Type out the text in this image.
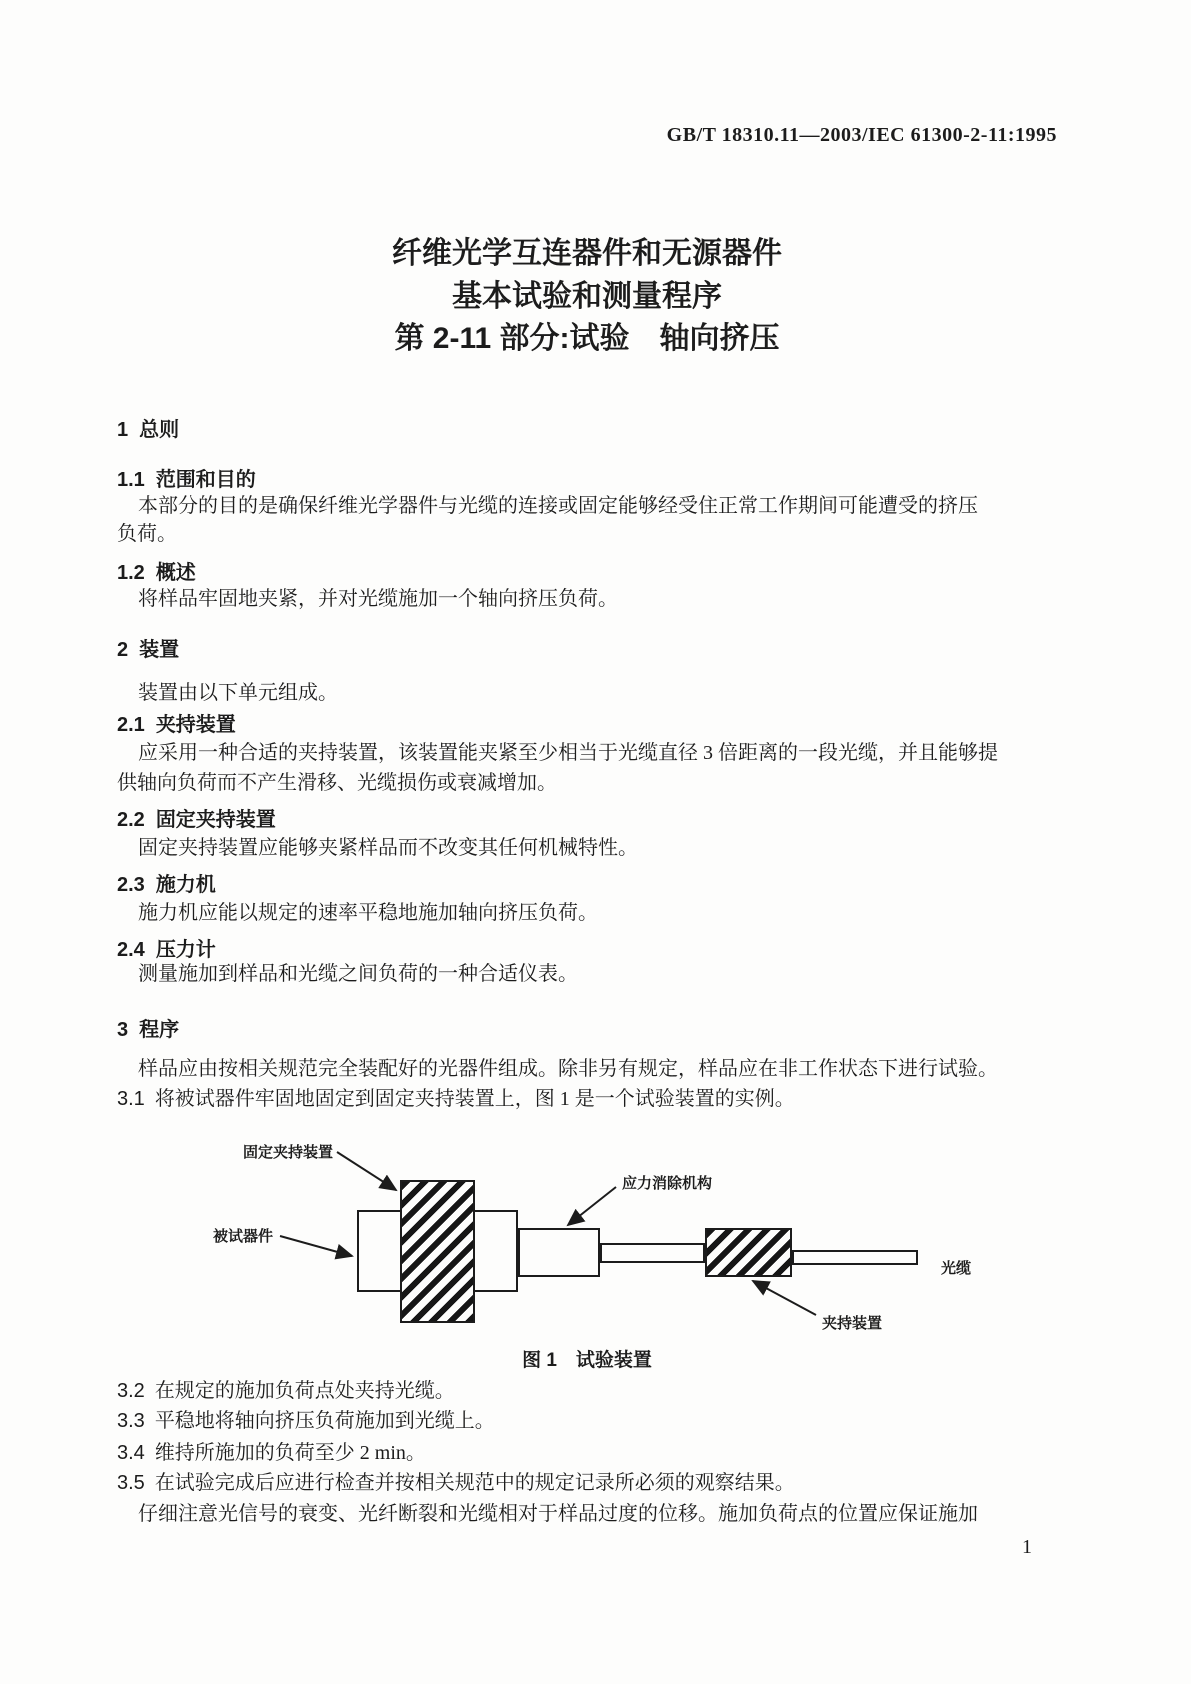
GB/T 18310.11—2003/IEC 61300-2-11:1995
纤维光学互连器件和无源器件
基本试验和测量程序
第 2-11 部分:试验　轴向挤压
1 总则
1.1 范围和目的
本部分的目的是确保纤维光学器件与光缆的连接或固定能够经受住正常工作期间可能遭受的挤压
负荷。
1.2 概述
将样品牢固地夹紧，并对光缆施加一个轴向挤压负荷。
2 装置
装置由以下单元组成。
2.1 夹持装置
应采用一种合适的夹持装置，该装置能夹紧至少相当于光缆直径 3 倍距离的一段光缆，并且能够提
供轴向负荷而不产生滑移、光缆损伤或衰减增加。
2.2 固定夹持装置
固定夹持装置应能够夹紧样品而不改变其任何机械特性。
2.3 施力机
施力机应能以规定的速率平稳地施加轴向挤压负荷。
2.4 压力计
测量施加到样品和光缆之间负荷的一种合适仪表。
3 程序
样品应由按相关规范完全装配好的光器件组成。除非另有规定，样品应在非工作状态下进行试验。
3.1 将被试器件牢固地固定到固定夹持装置上，图 1 是一个试验装置的实例。
固定夹持装置
应力消除机构
被试器件
光缆
夹持装置
图 1　试验装置
3.2 在规定的施加负荷点处夹持光缆。
3.3 平稳地将轴向挤压负荷施加到光缆上。
3.4 维持所施加的负荷至少 2 min。
3.5 在试验完成后应进行检查并按相关规范中的规定记录所必须的观察结果。
仔细注意光信号的衰变、光纤断裂和光缆相对于样品过度的位移。施加负荷点的位置应保证施加
1
